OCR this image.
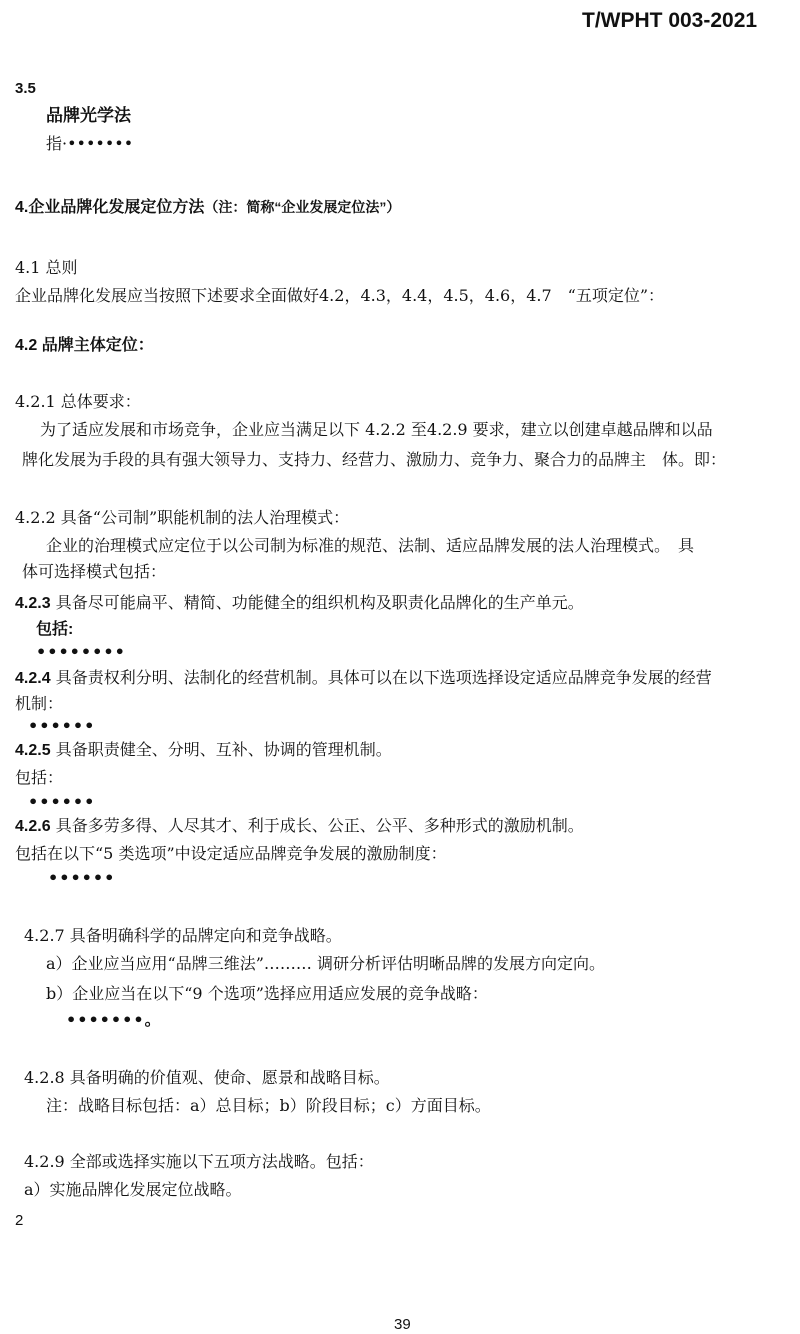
T/WPHT 003-2021
3.5
品牌光学法
指·•••••••
4.企业品牌化发展定位方法（注：简称“企业发展定位法”）
4.1 总则
企业品牌化发展应当按照下述要求全面做好4.2，4.3，4.4，4.5，4.6，4.7　“五项定位”：
4.2 品牌主体定位：
4.2.1 总体要求：
为了适应发展和市场竞争，企业应当满足以下 4.2.2 至4.2.9 要求，建立以创建卓越品牌和以品
牌化发展为手段的具有强大领导力、支持力、经营力、激励力、竞争力、聚合力的品牌主　体。即：
4.2.2 具备“公司制”职能机制的法人治理模式：
企业的治理模式应定位于以公司制为标准的规范、法制、适应品牌发展的法人治理模式。　具
体可选择模式包括：
4.2.3 具备尽可能扁平、精简、功能健全的组织机构及职责化品牌化的生产单元。
包括:
••••••••
4.2.4 具备责权利分明、法制化的经营机制。具体可以在以下选项选择设定适应品牌竞争发展的经营
机制：
••••••
4.2.5 具备职责健全、分明、互补、协调的管理机制。
包括：
••••••
4.2.6 具备多劳多得、人尽其才、利于成长、公正、公平、多种形式的激励机制。
包括在以下“5 类选项”中设定适应品牌竞争发展的激励制度：
••••••
4.2.7 具备明确科学的品牌定向和竞争战略。
a）企业应当应用“品牌三维法”……… 调研分析评估明晰品牌的发展方向定向。
b）企业应当在以下“9 个选项”选择应用适应发展的竞争战略：
•••••••。
4.2.8 具备明确的价值观、使命、愿景和战略目标。
注：战略目标包括：a）总目标；b）阶段目标；c）方面目标。
4.2.9 全部或选择实施以下五项方法战略。包括：
a）实施品牌化发展定位战略。
2
39
